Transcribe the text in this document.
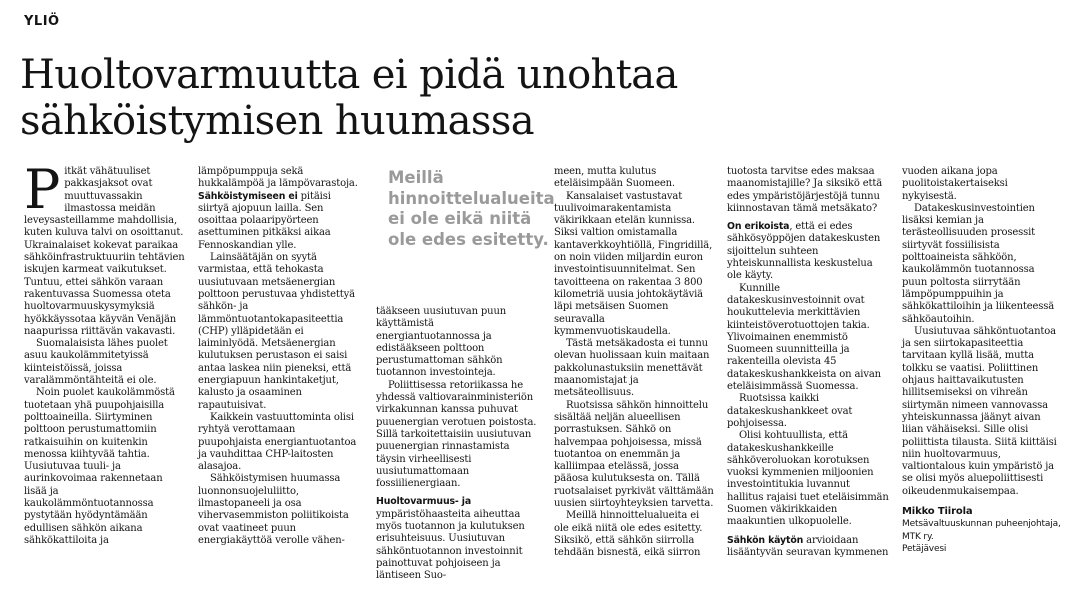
YLIÖ
Huoltovarmuutta ei pidä unohtaa
sähköistymisen huumassa

P itkät vähätuuliset pakkasjaksot ovat muuttuvassakin ilmastossa meidän leveysasteillamme mahdollisia, kuten kuluva talvi on osoittanut. Ukrainalaiset kokevat paraikaa sähköinfrastruktuuriin tehtävien iskujen karmeat vaikutukset. Tuntuu, ettei sähkön varaan rakentuvassa Suomessa oteta huoltovarmuuskysymyksiä hyökkäyssotaa käyvän Venäjän naapurissa riittävän vakavasti.

Suomalaisista lähes puolet asuu kaukolämmitetyissä kiinteistöissä, joissa varalämmöntähteitä ei ole.

Noin puolet kaukolämmöstä tuotetaan yhä puupohjaisilla polttoaineilla. Siirtyminen polttoon perustumattomiin ratkaisuihin on kuitenkin menossa kiihtyvää tahtia. Uusiutuvaa tuuli- ja aurinkovoimaa rakennetaan lisää ja kaukolämmöntuotannossa pystytään hyödyntämään edullisen sähkön aikana sähkökattiloita ja

lämpöpumppuja sekä hukkalämpöä ja lämpövarastoja.

Sähköistymiseen ei pitäisi siirtyä ajopuun lailla. Sen osoittaa polaaripyörteen asettuminen pitkäksi aikaa Fennoskandian ylle.

Lainsäätäjän on syytä varmistaa, että tehokasta uusiutuvaan metsäenergian polttoon perustuvaa yhdistettyä sähkön- ja lämmöntuotantokapasiteettia (CHP) ylläpidetään ei laiminlyödä. Metsäenergian kulutuksen perustason ei saisi antaa laskea niin pieneksi, että energiapuun hankintaketjut, kalusto ja osaaminen rapautuisivat.

Kaikkein vastuuttominta olisi ryhtyä verottamaan puupohjaista energiantuotantoa ja vauhdittaa CHP-laitosten alasajoa.

Sähköistymisen huumassa luonnonsuojeluliitto, ilmastopaneeli ja osa vihervasemmiston poliitikoista ovat vaatineet puun energiakäyttöä verolle vähen-

Meillä hinnoittelualueita ei ole eikä niitä ole edes esitetty.

tääkseen uusiutuvan puun käyttämistä energiantuotannossa ja edistääkseen polttoon perustumattoman sähkön tuotannon investointeja.

Poliittisessa retoriikassa he yhdessä valtiovarainministeriön virkakunnan kanssa puhuvat puuenergian verotuen poistosta. Sillä tarkoitettaisiin uusiutuvan puuenergian rinnastamista täysin virheellisesti uusiutumattomaan fossiilienergiaan.

Huoltovarmuus- ja ympäristöhaasteita aiheuttaa myös tuotannon ja kulutuksen erisuhteisuus. Uusiutuvan sähköntuotannon investoinnit painottuvat pohjoiseen ja läntiseen Suo-

meen, mutta kulutus eteläisimpään Suomeen.

Kansalaiset vastustavat tuulivoimarakentamista väkirikkaan etelän kunnissa. Siksi valtion omistamalla kantaverkkoyhtiöllä, Fingridillä, on noin viiden miljardin euron investointisuunnitelmat. Sen tavoitteena on rakentaa 3 800 kilometriä uusia johtokäytäviä läpi metsäisen Suomen seuravalla kymmenvuotiskaudella.

Tästä metsäkadosta ei tunnu olevan huolissaan kuin maitaan pakkolunastuksiin menettävät maanomistajat ja metsäteollisuus.

Ruotsissa sähkön hinnoittelu sisältää neljän alueellisen porrastuksen. Sähkö on halvempaa pohjoisessa, missä tuotantoa on enemmän ja kalliimpaa etelässä, jossa pääosa kulutuksesta on. Tällä ruotsalaiset pyrkivät välttämään uusien siirtoyhteyksien tarvetta.

Meillä hinnoittelualueita ei ole eikä niitä ole edes esitetty. Siksikö, että sähkön siirrolla tehdään bisnestä, eikä siirron

tuotosta tarvitse edes maksaa maanomistajille? Ja siksikö että edes ympäristöjärjestöjä tunnu kiinnostavan tämä metsäkato?

On erikoista, että ei edes sähkösyöppöjen datakeskusten sijoittelun suhteen yhteiskunnallista keskustelua ole käyty.

Kunnille datakeskusinvestoinnit ovat houkuttelevia merkittävien kiinteistöverotuottojen takia. Ylivoimainen enemmistö Suomeen suunnitteilla ja rakenteilla olevista 45 datakeskushankkeista on aivan eteläisimmässä Suomessa.

Ruotsissa kaikki datakeskushankkeet ovat pohjoisessa.

Olisi kohtuullista, että datakeskushankkeille sähköveroluokan korotuksen vuoksi kymmenien miljoonien investointitukia luvannut hallitus rajaisi tuet eteläisimmän Suomen väkirikkaiden maakuntien ulkopuolelle.

Sähkön käytön arvioidaan lisääntyvän seuravan kymmenen

vuoden aikana jopa puolitoistakertaiseksi nykyisestä.

Datakeskusinvestointien lisäksi kemian ja terästeollisuuden prosessit siirtyvät fossiilisista polttoaineista sähköön, kaukolämmön tuotannossa puun poltosta siirrytään lämpöpumppuihin ja sähkökattiloihin ja liikenteessä sähköautoihin.

Uusiutuvaa sähköntuotantoa ja sen siirtokapasiteettia tarvitaan kyllä lisää, mutta tolkku se vaatisi. Poliittinen ohjaus haittavaikutusten hillitsemiseksi on vihreän siirtymän nimeen vannovassa yhteiskunnassa jäänyt aivan liian vähäiseksi. Sille olisi poliittista tilausta. Siitä kiittäisi niin huoltovarmuus, valtiontalous kuin ympäristö ja se olisi myös aluepoliittisesti oikeudenmukaisempaa.

Mikko Tiirola
Metsävaltuuskunnan puheenjohtaja,
MTK ry.
Petäjävesi
